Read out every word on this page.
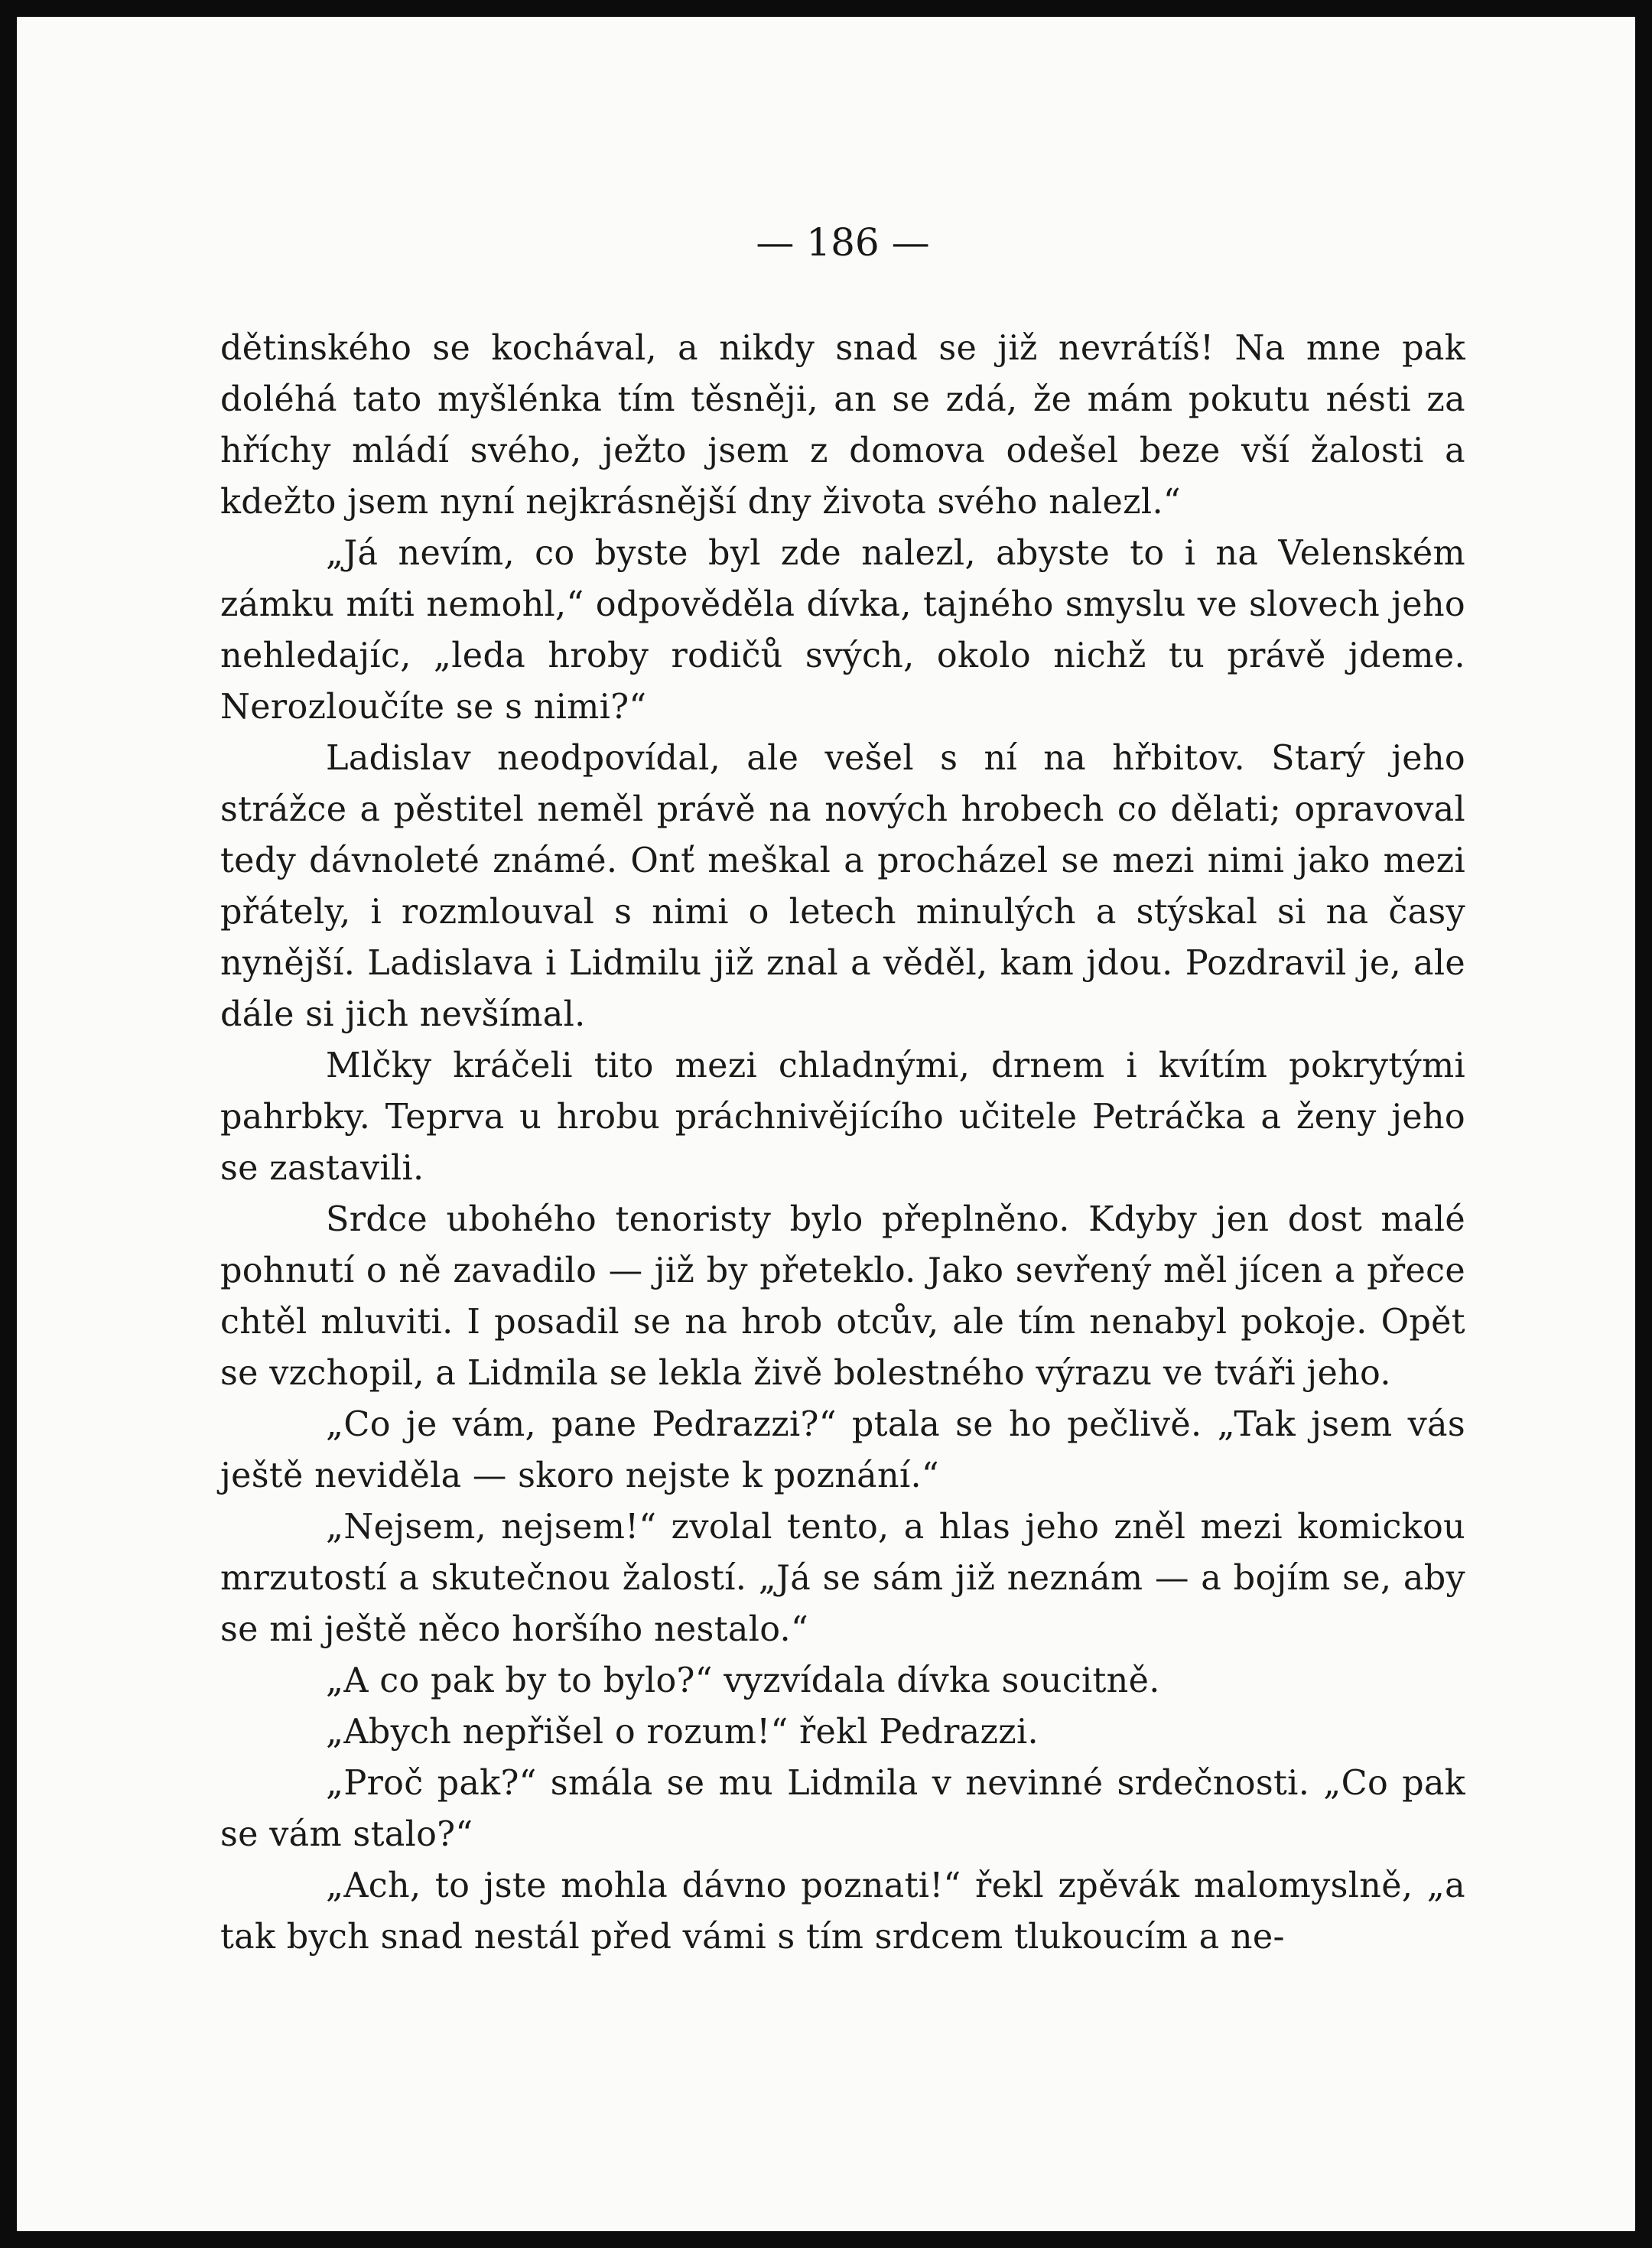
— 186 —

dětinského se kochával, a nikdy snad se již nevrátíš! Na mne pak doléhá tato myšlénka tím těsněji, an se zdá, že mám pokutu nésti za hříchy mládí svého, ježto jsem z domova odešel beze vší žalosti a kdežto jsem nyní nejkrásnější dny života svého nalezl.“

„Já nevím, co byste byl zde nalezl, abyste to i na Velenském zámku míti nemohl,“ odpověděla dívka, tajného smyslu ve slovech jeho nehledajíc, „leda hroby rodičů svých, okolo nichž tu právě jdeme. Nerozloučíte se s nimi?“

Ladislav neodpovídal, ale vešel s ní na hřbitov. Starý jeho strážce a pěstitel neměl právě na nových hrobech co dělati; opravoval tedy dávnoleté známé. Onť meškal a procházel se mezi nimi jako mezi přátely, i rozmlouval s nimi o letech minulých a stýskal si na časy nynější. Ladislava i Lidmilu již znal a věděl, kam jdou. Pozdravil je, ale dále si jich nevšímal.

Mlčky kráčeli tito mezi chladnými, drnem i kvítím pokrytými pahrbky. Teprva u hrobu práchnivějícího učitele Petráčka a ženy jeho se zastavili.

Srdce ubohého tenoristy bylo přeplněno. Kdyby jen dost malé pohnutí o ně zavadilo — již by přeteklo. Jako sevřený měl jícen a přece chtěl mluviti. I posadil se na hrob otcův, ale tím nenabyl pokoje. Opět se vzchopil, a Lidmila se lekla živě bolestného výrazu ve tváři jeho.

„Co je vám, pane Pedrazzi?“ ptala se ho pečlivě. „Tak jsem vás ještě neviděla — skoro nejste k poznání.“

„Nejsem, nejsem!“ zvolal tento, a hlas jeho zněl mezi komickou mrzutostí a skutečnou žalostí. „Já se sám již neznám — a bojím se, aby se mi ještě něco horšího nestalo.“

„A co pak by to bylo?“ vyzvídala dívka soucitně.

„Abych nepřišel o rozum!“ řekl Pedrazzi.

„Proč pak?“ smála se mu Lidmila v nevinné srdečnosti. „Co pak se vám stalo?“

„Ach, to jste mohla dávno poznati!“ řekl zpěvák malomyslně, „a tak bych snad nestál před vámi s tím srdcem tlukoucím a ne-
